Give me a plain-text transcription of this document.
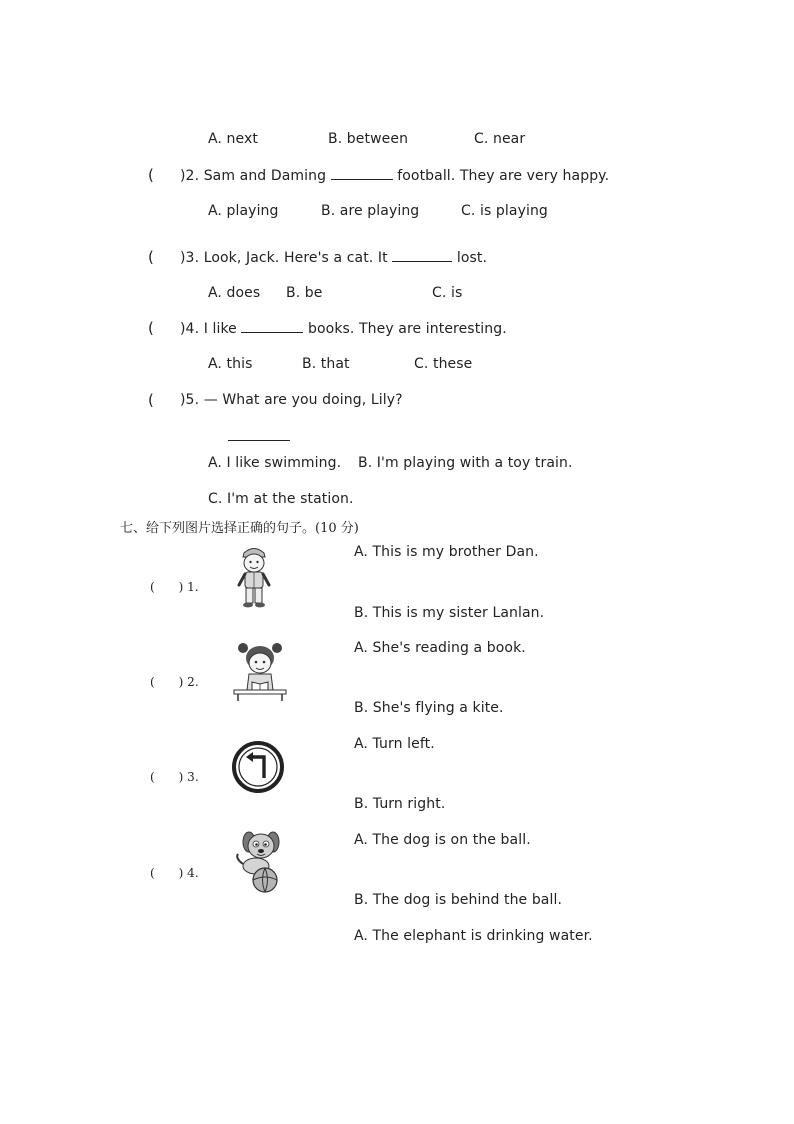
A. next	B. between	C. near
( )2. Sam and Daming	football. They are very happy.
A. playing	B. are playing	C. is playing
( )3. Look, Jack. Here's a cat. It	lost.
A. does B. be	C. is
( )4. I like	books. They are interesting.
A. this	B. that	C. these
( )5. — What are you doing, Lily?
A. I like swimming. B. I'm playing with a toy train.
C. I'm at the station.
七、给下列图片选择正确的句子。(10 分)
(　　) 1.
A. This is my brother Dan.
B. This is my sister Lanlan.
(　　) 2.
A. She's reading a book.
B. She's flying a kite.
(　　) 3.
A. Turn left.
B. Turn right.
(　　) 4.
A. The dog is on the ball.
B. The dog is behind the ball.
A. The elephant is drinking water.
